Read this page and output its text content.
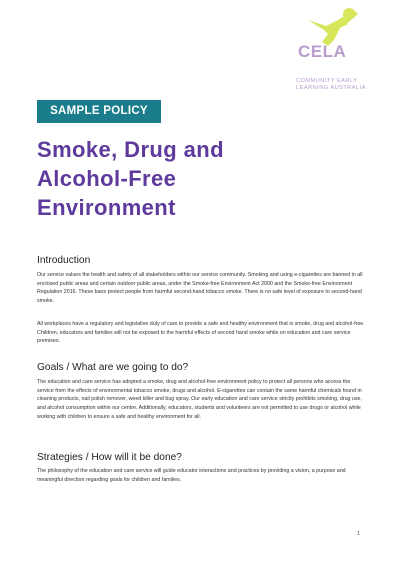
CELA
COMMUNITY EARLY
LEARNING AUSTRALIA
SAMPLE POLICY
Smoke, Drug and
Alcohol-Free
Environment
Introduction
Our service values the health and safety of all stakeholders within our service community. Smoking and using e-cigarettes are banned in all enclosed public areas and certain outdoor public areas, under the Smoke-free Environment Act 2000 and the Smoke-free Environment Regulation 2016. These bans protect people from harmful second-hand tobacco smoke. There is no safe level of exposure to second-hand smoke.
All workplaces have a regulatory and legislative duty of care to provide a safe and healthy environment that is smoke, drug and alcohol-free. Children, educators and families will not be exposed to the harmful effects of second hand smoke while on education and care service premises.
Goals / What are we going to do?
The education and care service has adopted a smoke, drug and alcohol-free environment policy to protect all persons who access the service from the effects of environmental tobacco smoke, drugs and alcohol. E-cigarettes can contain the same harmful chemicals found in cleaning products, nail polish remover, weed killer and bug spray. Our early education and care service strictly prohibits smoking, drug use, and alcohol consumption within our centre. Additionally, educators, students and volunteers are not permitted to use drugs or alcohol while working with children to ensure a safe and healthy environment for all.
Strategies / How will it be done?
The philosophy of the education and care service will guide educator interactions and practices by providing a vision, a purpose and meaningful direction regarding goals for children and families.
1
